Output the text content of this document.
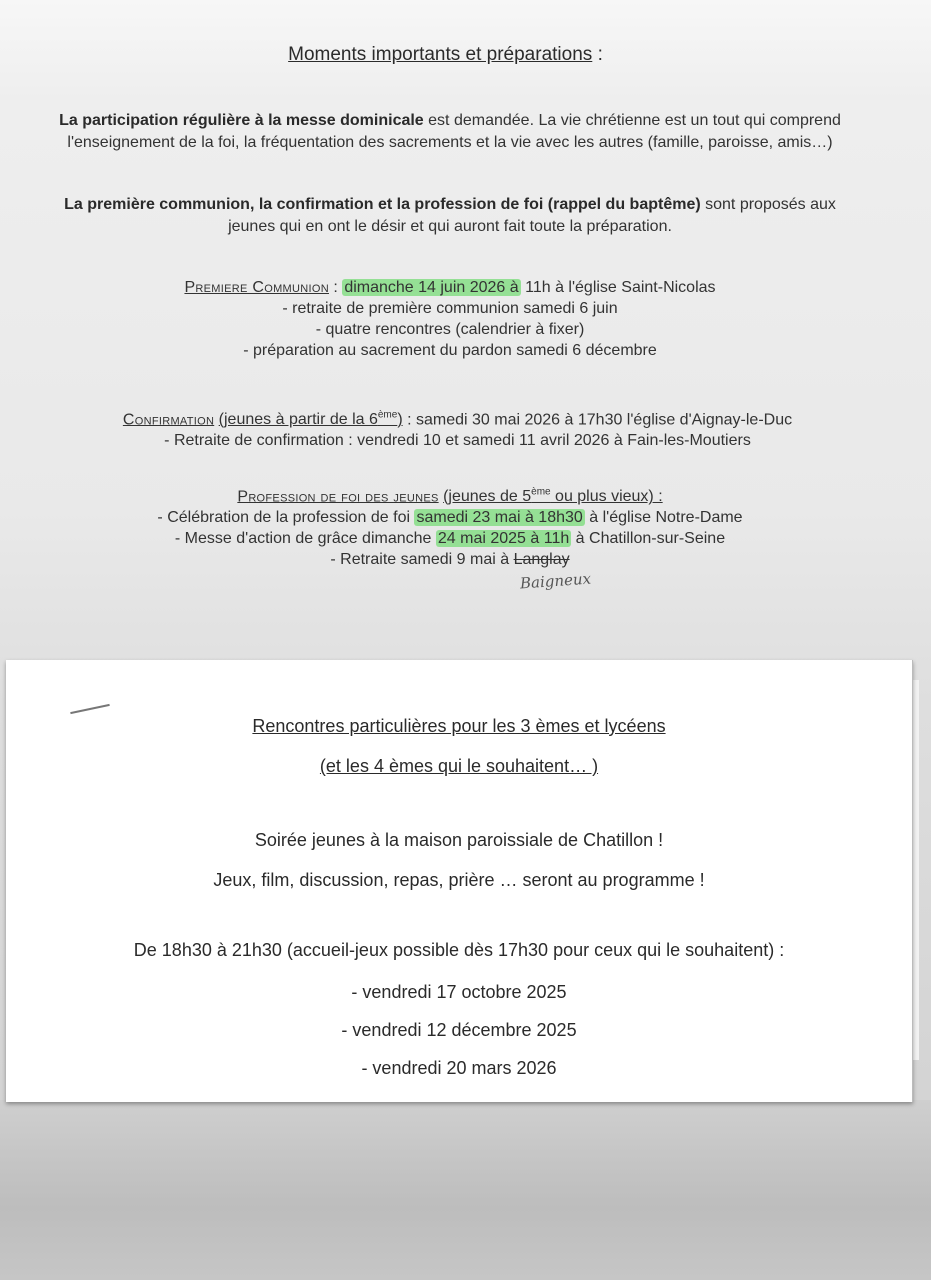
Moments importants et préparations :
La participation régulière à la messe dominicale est demandée. La vie chrétienne est un tout qui comprend l'enseignement de la foi, la fréquentation des sacrements et la vie avec les autres (famille, paroisse, amis…)
La première communion, la confirmation et la profession de foi (rappel du baptême) sont proposés aux jeunes qui en ont le désir et qui auront fait toute la préparation.
Premiere Communion : dimanche 14 juin 2026 à 11h à l'église Saint-Nicolas
- retraite de première communion samedi 6 juin
- quatre rencontres (calendrier à fixer)
- préparation au sacrement du pardon samedi 6 décembre
Confirmation (jeunes à partir de la 6ème) : samedi 30 mai 2026 à 17h30 l'église d'Aignay-le-Duc
- Retraite de confirmation : vendredi 10 et samedi 11 avril 2026 à Fain-les-Moutiers
Profession de foi des jeunes (jeunes de 5ème ou plus vieux) :
- Célébration de la profession de foi samedi 23 mai à 18h30 à l'église Notre-Dame
- Messe d'action de grâce dimanche 24 mai 2025 à 11h à Chatillon-sur-Seine
- Retraite samedi 9 mai à Langlay
Baigneux
Rencontres particulières pour les 3 èmes et lycéens
(et les 4 èmes qui le souhaitent… )
Soirée jeunes à la maison paroissiale de Chatillon !
Jeux, film, discussion, repas, prière … seront au programme !
De 18h30 à 21h30 (accueil-jeux possible dès 17h30 pour ceux qui le souhaitent) :
- vendredi 17 octobre 2025
- vendredi 12 décembre 2025
- vendredi 20 mars 2026
